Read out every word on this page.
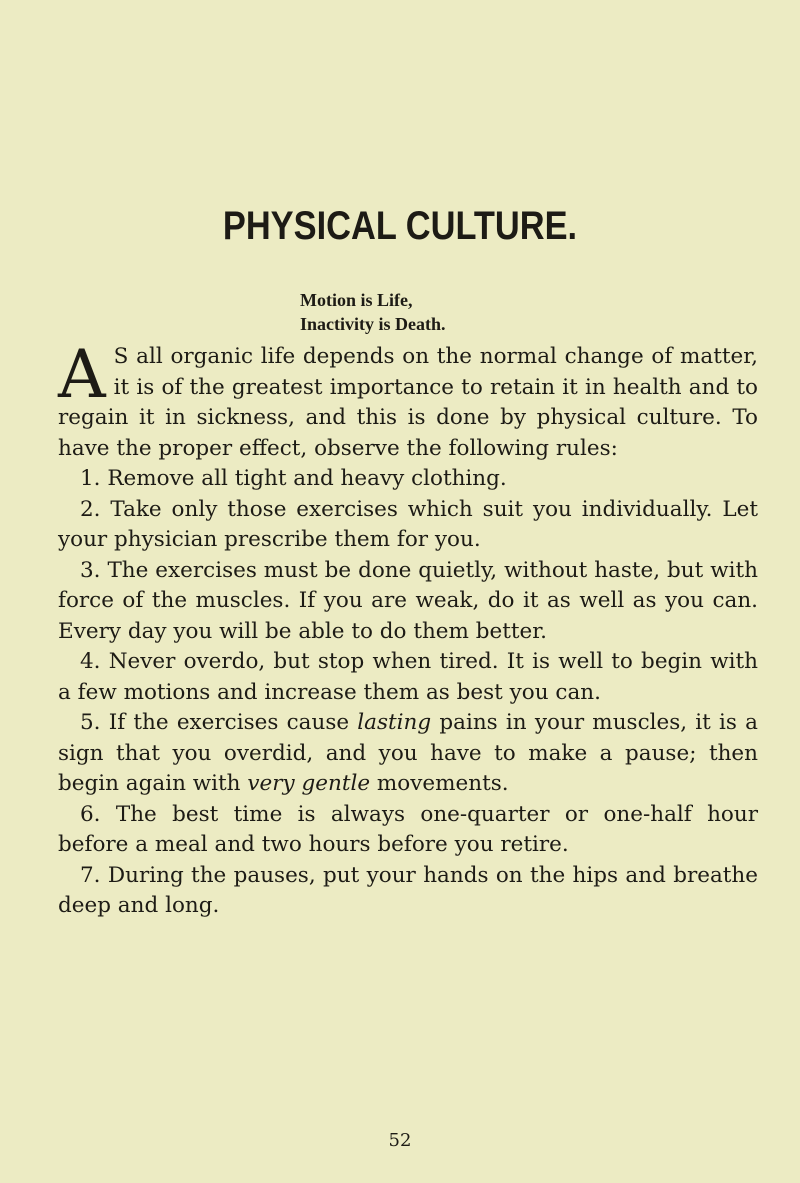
PHYSICAL CULTURE.
Motion is Life,
Inactivity is Death.

A S all organic life depends on the normal change of matter, it is of the greatest importance to retain it in health and to regain it in sickness, and this is done by physical culture. To have the proper effect, observe the following rules:

1. Remove all tight and heavy clothing.

2. Take only those exercises which suit you individually. Let your physician prescribe them for you.

3. The exercises must be done quietly, without haste, but with force of the muscles. If you are weak, do it as well as you can. Every day you will be able to do them better.

4. Never overdo, but stop when tired. It is well to begin with a few motions and increase them as best you can.

5. If the exercises cause lasting pains in your muscles, it is a sign that you overdid, and you have to make a pause; then begin again with very gentle movements.

6. The best time is always one-quarter or one-half hour before a meal and two hours before you retire.

7. During the pauses, put your hands on the hips and breathe deep and long.

52
